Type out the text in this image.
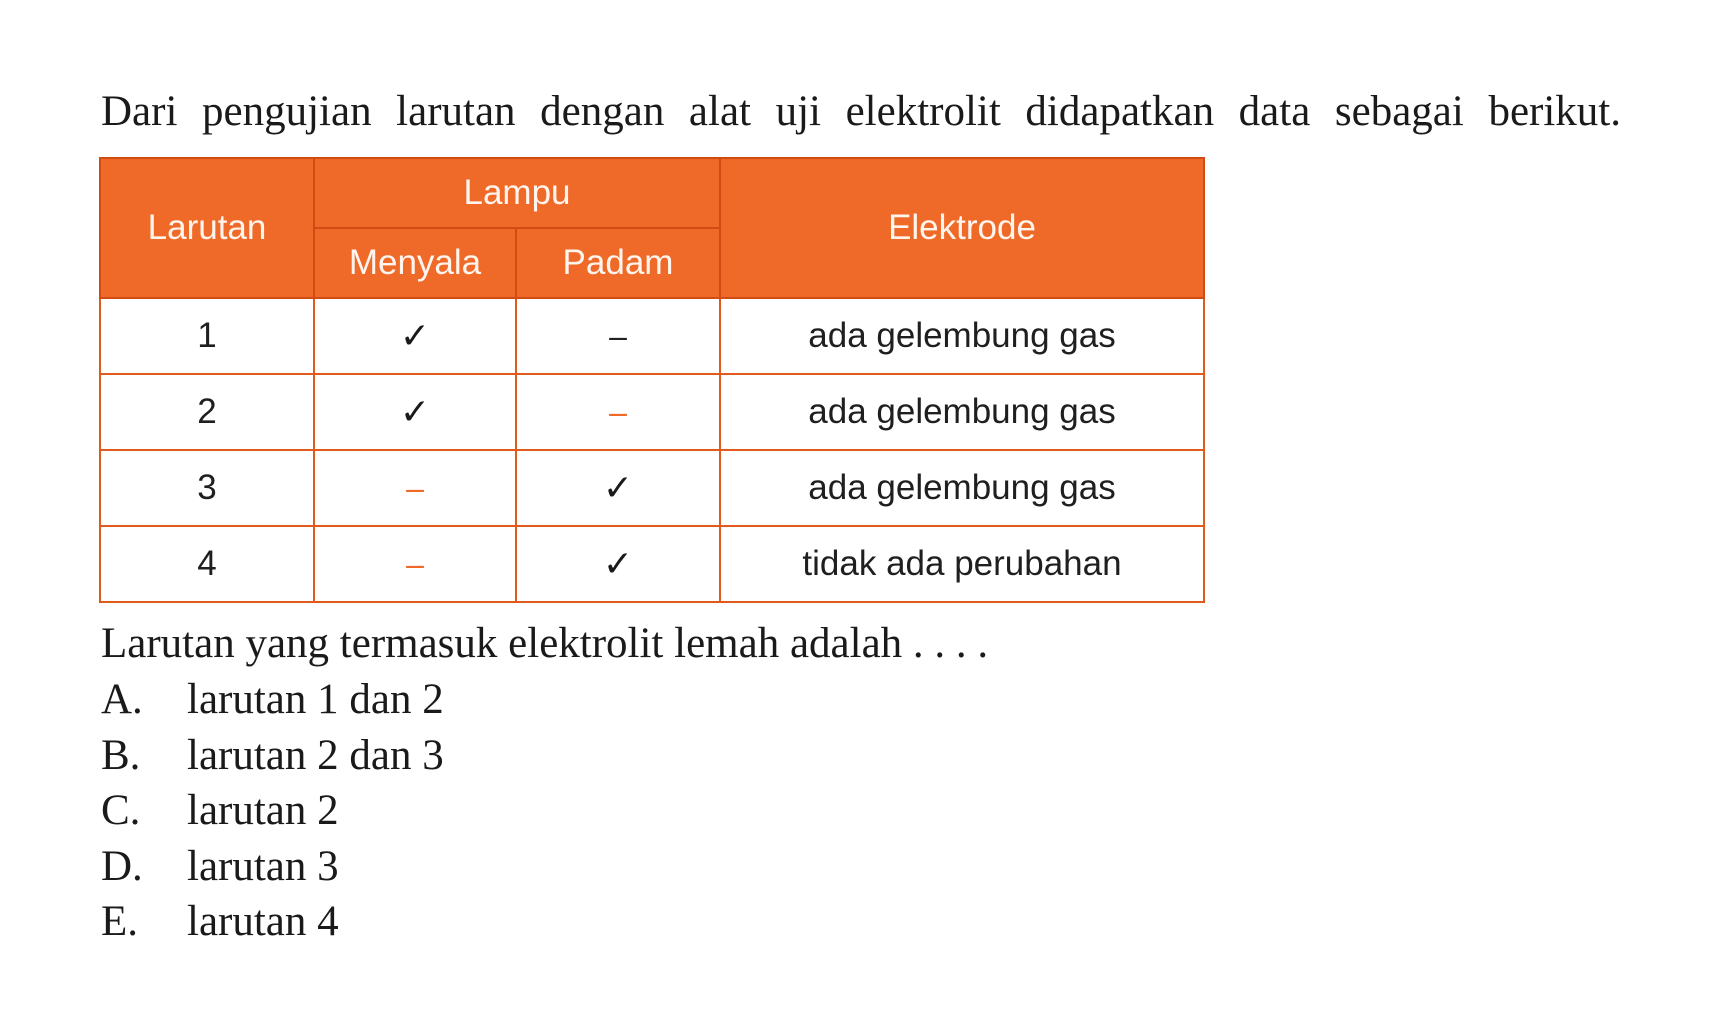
Dari pengujian larutan dengan alat uji elektrolit didapatkan data sebagai berikut.
Larutan	Lampu		Elektrode
	Menyala	Padam	
1	✓	–	ada gelembung gas
2	✓	–	ada gelembung gas
3	–	✓	ada gelembung gas
4	–	✓	tidak ada perubahan
Larutan yang termasuk elektrolit lemah adalah . . . .
A. larutan 1 dan 2
B. larutan 2 dan 3
C. larutan 2
D. larutan 3
E. larutan 4
